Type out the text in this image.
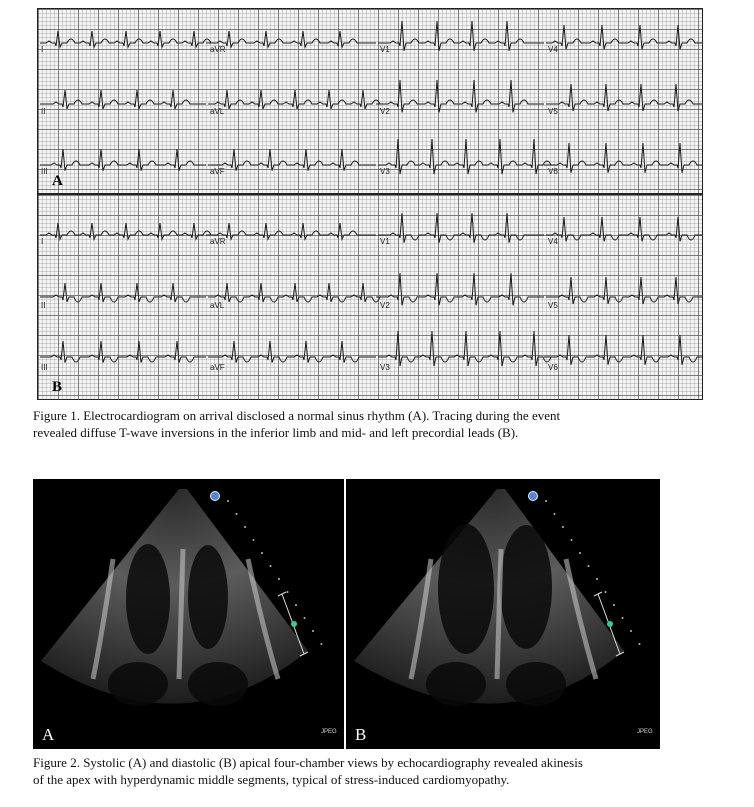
I	aVR	V1	V4
II	aVL	V2	V5
III	aVF	V3	V6
A
I	aVR	V1	V4
II	aVL	V2	V5
III	aVF	V3	V6
B
Figure 1. Electrocardiogram on arrival disclosed a normal sinus rhythm (A). Tracing during the event
revealed diffuse T-wave inversions in the inferior limb and mid- and left precordial leads (B).
A	JPEG B	JPEG
Figure 2. Systolic (A) and diastolic (B) apical four-chamber views by echocardiography revealed akinesis
of the apex with hyperdynamic middle segments, typical of stress-induced cardiomyopathy.
